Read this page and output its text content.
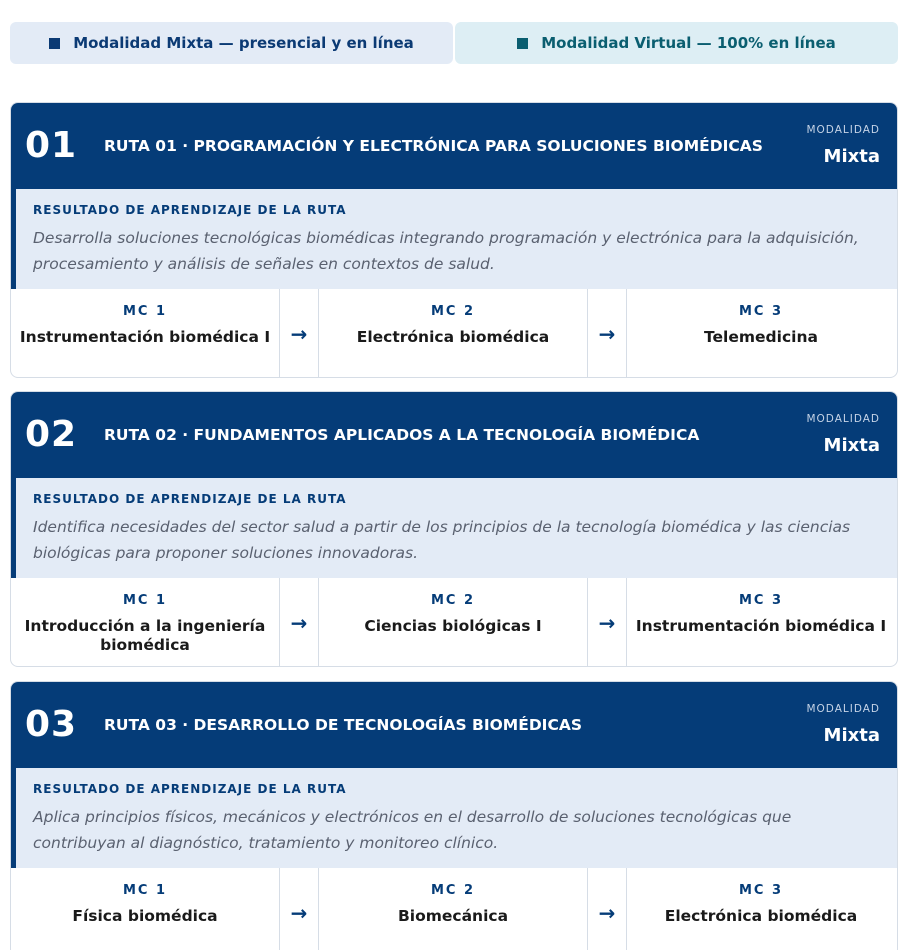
Modalidad Mixta — presencial y en línea	Modalidad Virtual — 100% en línea
01 RUTA 01 · PROGRAMACIÓN Y ELECTRÓNICA PARA SOLUCIONES BIOMÉDICAS
MODALIDAD
Mixta
RESULTADO DE APRENDIZAJE DE LA RUTA
Desarrolla soluciones tecnológicas biomédicas integrando programación y electrónica para la adquisición, procesamiento y análisis de señales en contextos de salud.
MC 1
Instrumentación biomédica I	→
MC 2
Electrónica biomédica	→
MC 3
Telemedicina
02 RUTA 02 · FUNDAMENTOS APLICADOS A LA TECNOLOGÍA BIOMÉDICA
MODALIDAD
Mixta
RESULTADO DE APRENDIZAJE DE LA RUTA
Identifica necesidades del sector salud a partir de los principios de la tecnología biomédica y las ciencias biológicas para proponer soluciones innovadoras.
MC 1
Introducción a la ingeniería biomédica
→
MC 2
Ciencias biológicas I	→
MC 3
Instrumentación biomédica I
03 RUTA 03 · DESARROLLO DE TECNOLOGÍAS BIOMÉDICAS
MODALIDAD
Mixta
RESULTADO DE APRENDIZAJE DE LA RUTA
Aplica principios físicos, mecánicos y electrónicos en el desarrollo de soluciones tecnológicas que contribuyan al diagnóstico, tratamiento y monitoreo clínico.
MC 1
Física biomédica	→
MC 2
Biomecánica	→
MC 3
Electrónica biomédica
